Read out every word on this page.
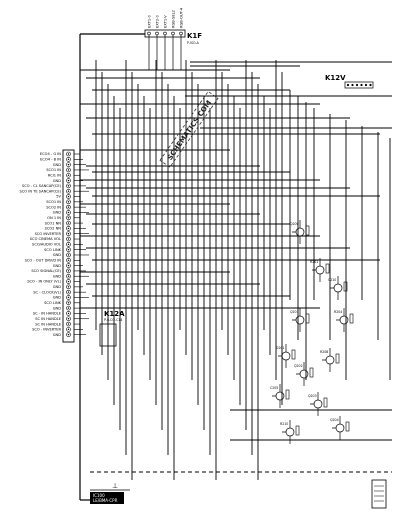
EXT1-0 EXT2-0 EXT1-V RGB-SEL2 RGB-OUT-4
K1F
P-ISO-A
K12V
ECO4 - G IN
ECO4 - B IN
GND
SCO1 IN
RCI1 IN
GND
SCO - CL SANCAP(CE)
SCO IN TE SANCAP(CE)
5V
SCO1 IN
SCO2 IN
GND
ON 1 IN
SCO1 NN
SCO2 NN
SCO INVERTER
SCO CINEMA VOL
SCO/AUDIO VOL
SCO LINK
GND
SCO - OUT DRV/D IN
GND
SCO SIGNAL(CE)
GND
SCO - IN ONLY (VL)
GND
SC - CLOCK(VL)
GND
SCO LINK
GND
SC - IN HANDLE
SC IN HANDLE
SC IN HANDLE
SCO - INVERTER
GND
K12A
P-6-CO-C14
SCHEMATICS.COM
Q200
R201
C210
Q201	R204
D201
Q202
R208
C205
Q203
R210
Q204
IC100
LE/BMA-CPR
⊥
